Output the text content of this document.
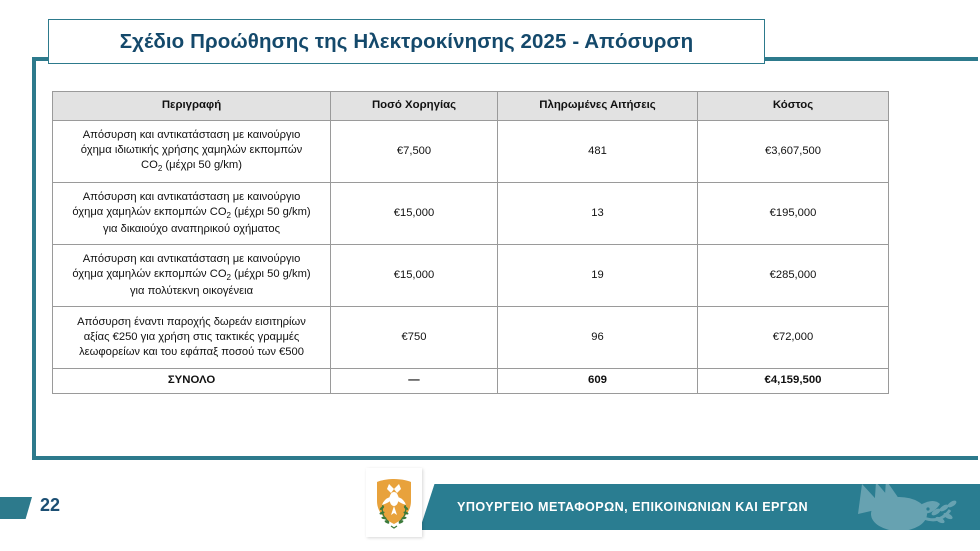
Σχέδιο Προώθησης της Ηλεκτροκίνησης 2025 - Απόσυρση
Περιγραφή	Ποσό Χορηγίας	Πληρωμένες Αιτήσεις	Κόστος
Απόσυρση και αντικατάσταση με καινούργιο
όχημα ιδιωτικής χρήσης χαμηλών εκπομπών
$CO_2$ (μέχρι 50 g/km)	€7,500	481	€3,607,500
Απόσυρση και αντικατάσταση με καινούργιο
όχημα χαμηλών εκπομπών $CO_2$ (μέχρι 50 g/km)
για δικαιούχο αναπηρικού οχήματος	€15,000	13	€195,000
Απόσυρση και αντικατάσταση με καινούργιο
όχημα χαμηλών εκπομπών $CO_2$ (μέχρι 50 g/km)
για πολύτεκνη οικογένεια	€15,000	19	€285,000
Απόσυρση έναντι παροχής δωρεάν εισιτηρίων
αξίας €250 για χρήση στις τακτικές γραμμές
λεωφορείων και του εφάπαξ ποσού των €500	€750	96	€72,000
ΣΥΝΟΛΟ	—	609	€4,159,500
ΥΠΟΥΡΓΕΙΟ ΜΕΤΑΦΟΡΩΝ, ΕΠΙΚΟΙΝΩΝΙΩΝ ΚΑΙ ΕΡΓΩΝ
22
